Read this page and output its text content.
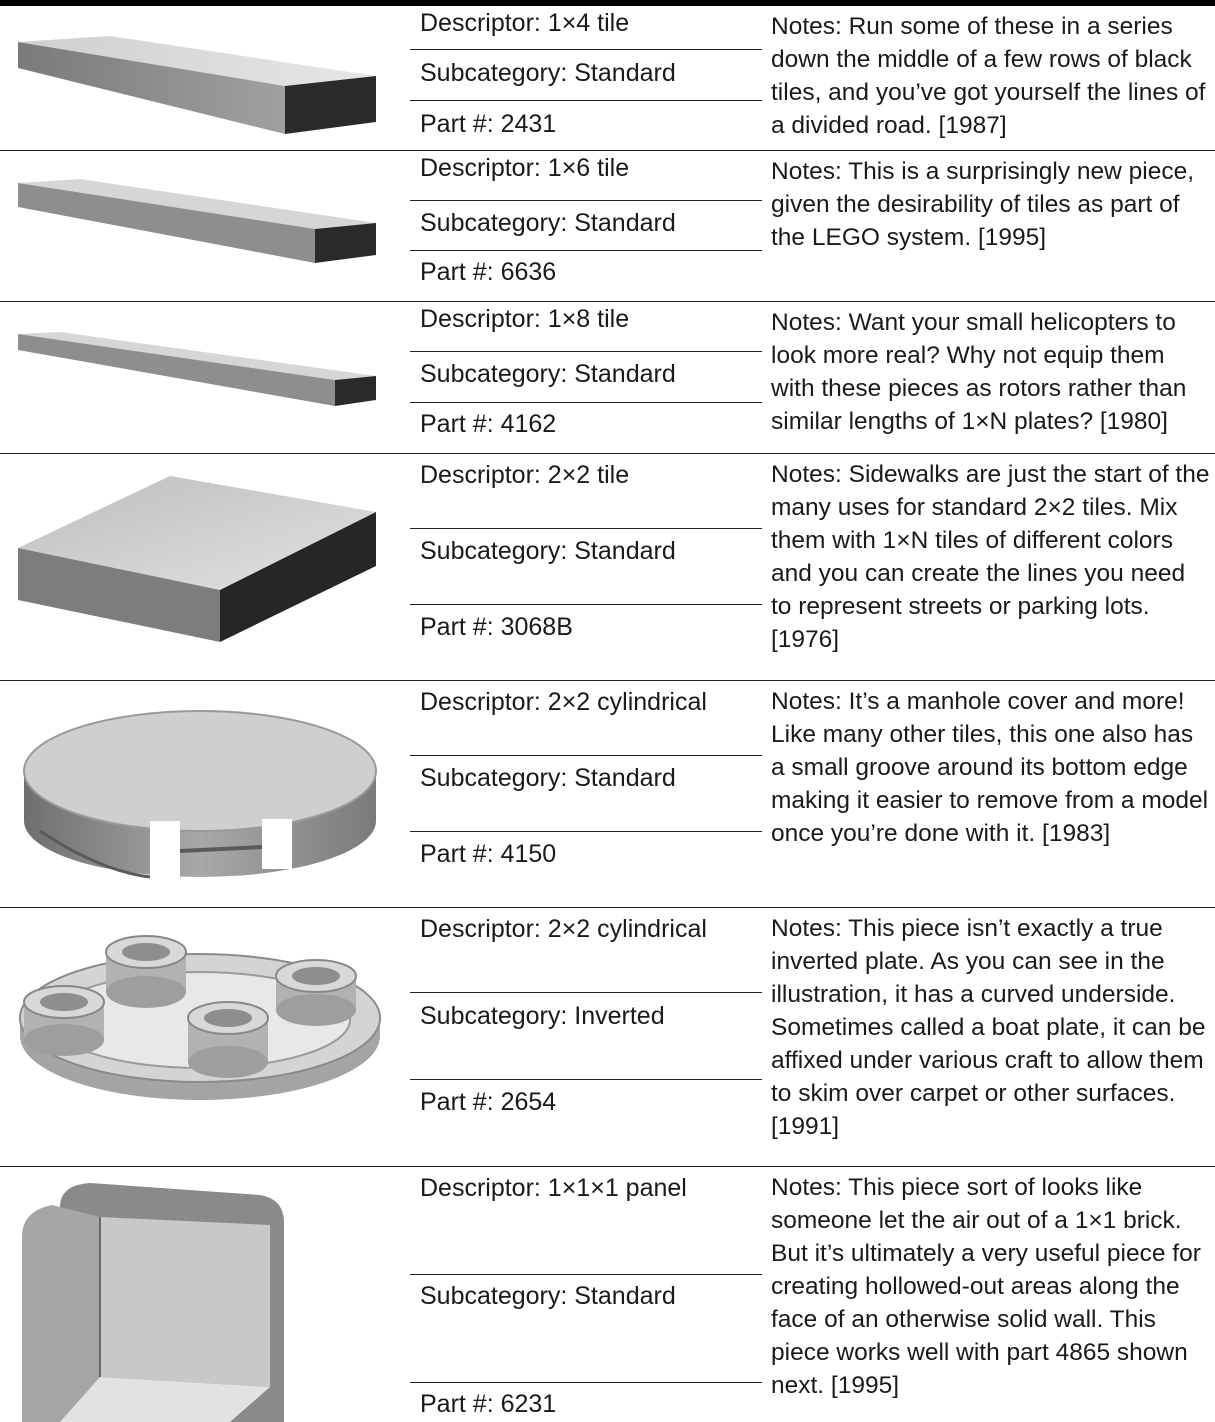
Descriptor: 1×4 tile
Subcategory: Standard
Part #: 2431
Notes: Run some of these in a series down the middle of a few rows of black tiles, and you’ve got yourself the lines of a divided road. [1987]
Descriptor: 1×6 tile
Subcategory: Standard
Part #: 6636
Notes: This is a surprisingly new piece, given the desirability of tiles as part of the LEGO system. [1995]
Descriptor: 1×8 tile
Subcategory: Standard
Part #: 4162
Notes: Want your small helicopters to look more real? Why not equip them with these pieces as rotors rather than similar lengths of 1×N plates? [1980]
Descriptor: 2×2 tile
Subcategory: Standard
Part #: 3068B
Notes: Sidewalks are just the start of the many uses for standard 2×2 tiles. Mix them with 1×N tiles of different colors and you can create the lines you need to represent streets or parking lots. [1976]
Descriptor: 2×2 cylindrical
Subcategory: Standard
Part #: 4150
Notes: It’s a manhole cover and more! Like many other tiles, this one also has a small groove around its bottom edge making it easier to remove from a model once you’re done with it. [1983]
Descriptor: 2×2 cylindrical
Subcategory: Inverted
Part #: 2654
Notes: This piece isn’t exactly a true inverted plate. As you can see in the illustration, it has a curved underside. Sometimes called a boat plate, it can be affixed under various craft to allow them to skim over carpet or other surfaces. [1991]
Descriptor: 1×1×1 panel
Subcategory: Standard
Part #: 6231
Notes: This piece sort of looks like someone let the air out of a 1×1 brick. But it’s ultimately a very useful piece for creating hollowed-out areas along the face of an otherwise solid wall. This piece works well with part 4865 shown next. [1995]
